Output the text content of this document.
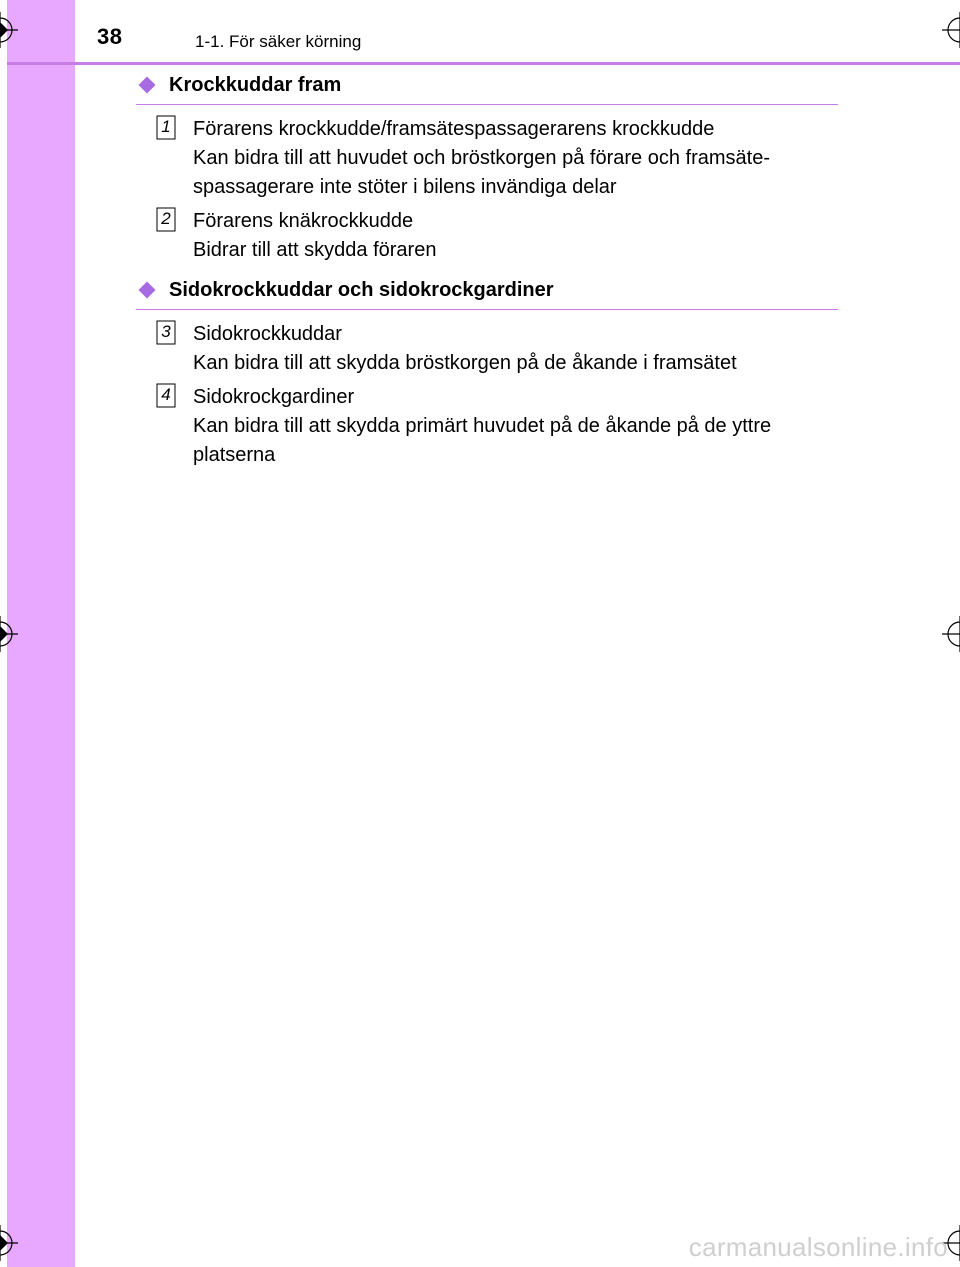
38	1-1. För säker körning
Krockkuddar fram
1 Förarens krockkudde/framsätespassagerarens krockkudde
Kan bidra till att huvudet och bröstkorgen på förare och framsäte-spassagerare inte stöter i bilens invändiga delar
2 Förarens knäkrockkudde
Bidrar till att skydda föraren
Sidokrockkuddar och sidokrockgardiner
3 Sidokrockkuddar
Kan bidra till att skydda bröstkorgen på de åkande i framsätet
4 Sidokrockgardiner
Kan bidra till att skydda primärt huvudet på de åkande på de yttre platserna
carmanualsonline.info
